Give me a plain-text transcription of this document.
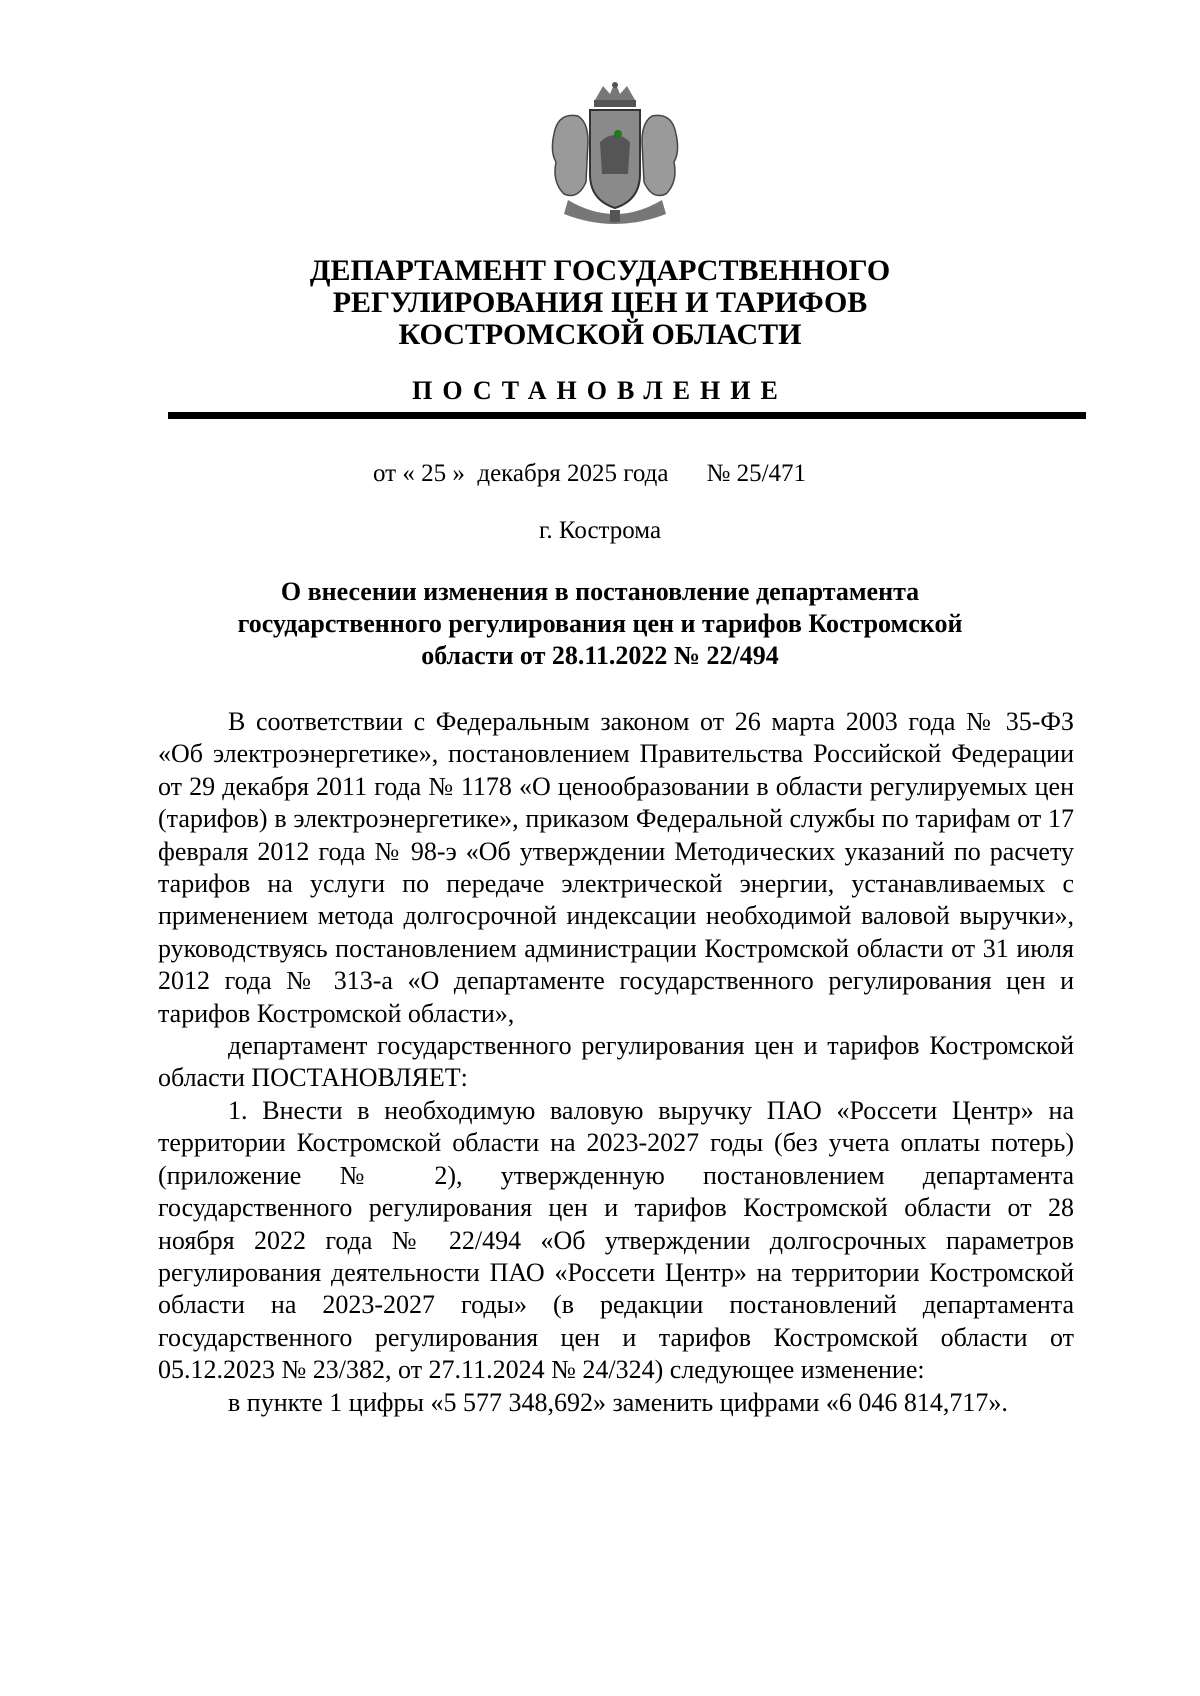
ДЕПАРТАМЕНТ ГОСУДАРСТВЕННОГО
РЕГУЛИРОВАНИЯ ЦЕН И ТАРИФОВ
КОСТРОМСКОЙ ОБЛАСТИ
ПОСТАНОВЛЕНИЕ
от « 25 »  декабря 2025 года № 25/471
г. Кострома
О внесении изменения в постановление департамента
государственного регулирования цен и тарифов Костромской
области от 28.11.2022 № 22/494

В соответствии с Федеральным законом от 26 марта 2003 года № 35-ФЗ «Об электроэнергетике», постановлением Правительства Российской Федерации от 29 декабря 2011 года № 1178 «О ценообразовании в области регулируемых цен (тарифов) в электроэнергетике», приказом Федеральной службы по тарифам от 17 февраля 2012 года № 98-э «Об утверждении Методических указаний по расчету тарифов на услуги по передаче электрической энергии, устанавливаемых с применением метода долгосрочной индексации необходимой валовой выручки», руководствуясь постановлением администрации Костромской области от 31 июля 2012 года № 313-а «О департаменте государственного регулирования цен и тарифов Костромской области»,

департамент государственного регулирования цен и тарифов Костромской области ПОСТАНОВЛЯЕТ:

1. Внести в необходимую валовую выручку ПАО «Россети Центр» на территории Костромской области на 2023-2027 годы (без учета оплаты потерь) (приложение № 2), утвержденную постановлением департамента государственного регулирования цен и тарифов Костромской области от 28 ноября 2022 года № 22/494 «Об утверждении долгосрочных параметров регулирования деятельности ПАО «Россети Центр» на территории Костромской области на 2023-2027 годы» (в редакции постановлений департамента государственного регулирования цен и тарифов Костромской области от 05.12.2023 № 23/382, от 27.11.2024 № 24/324) следующее изменение:

в пункте 1 цифры «5 577 348,692» заменить цифрами «6 046 814,717».
